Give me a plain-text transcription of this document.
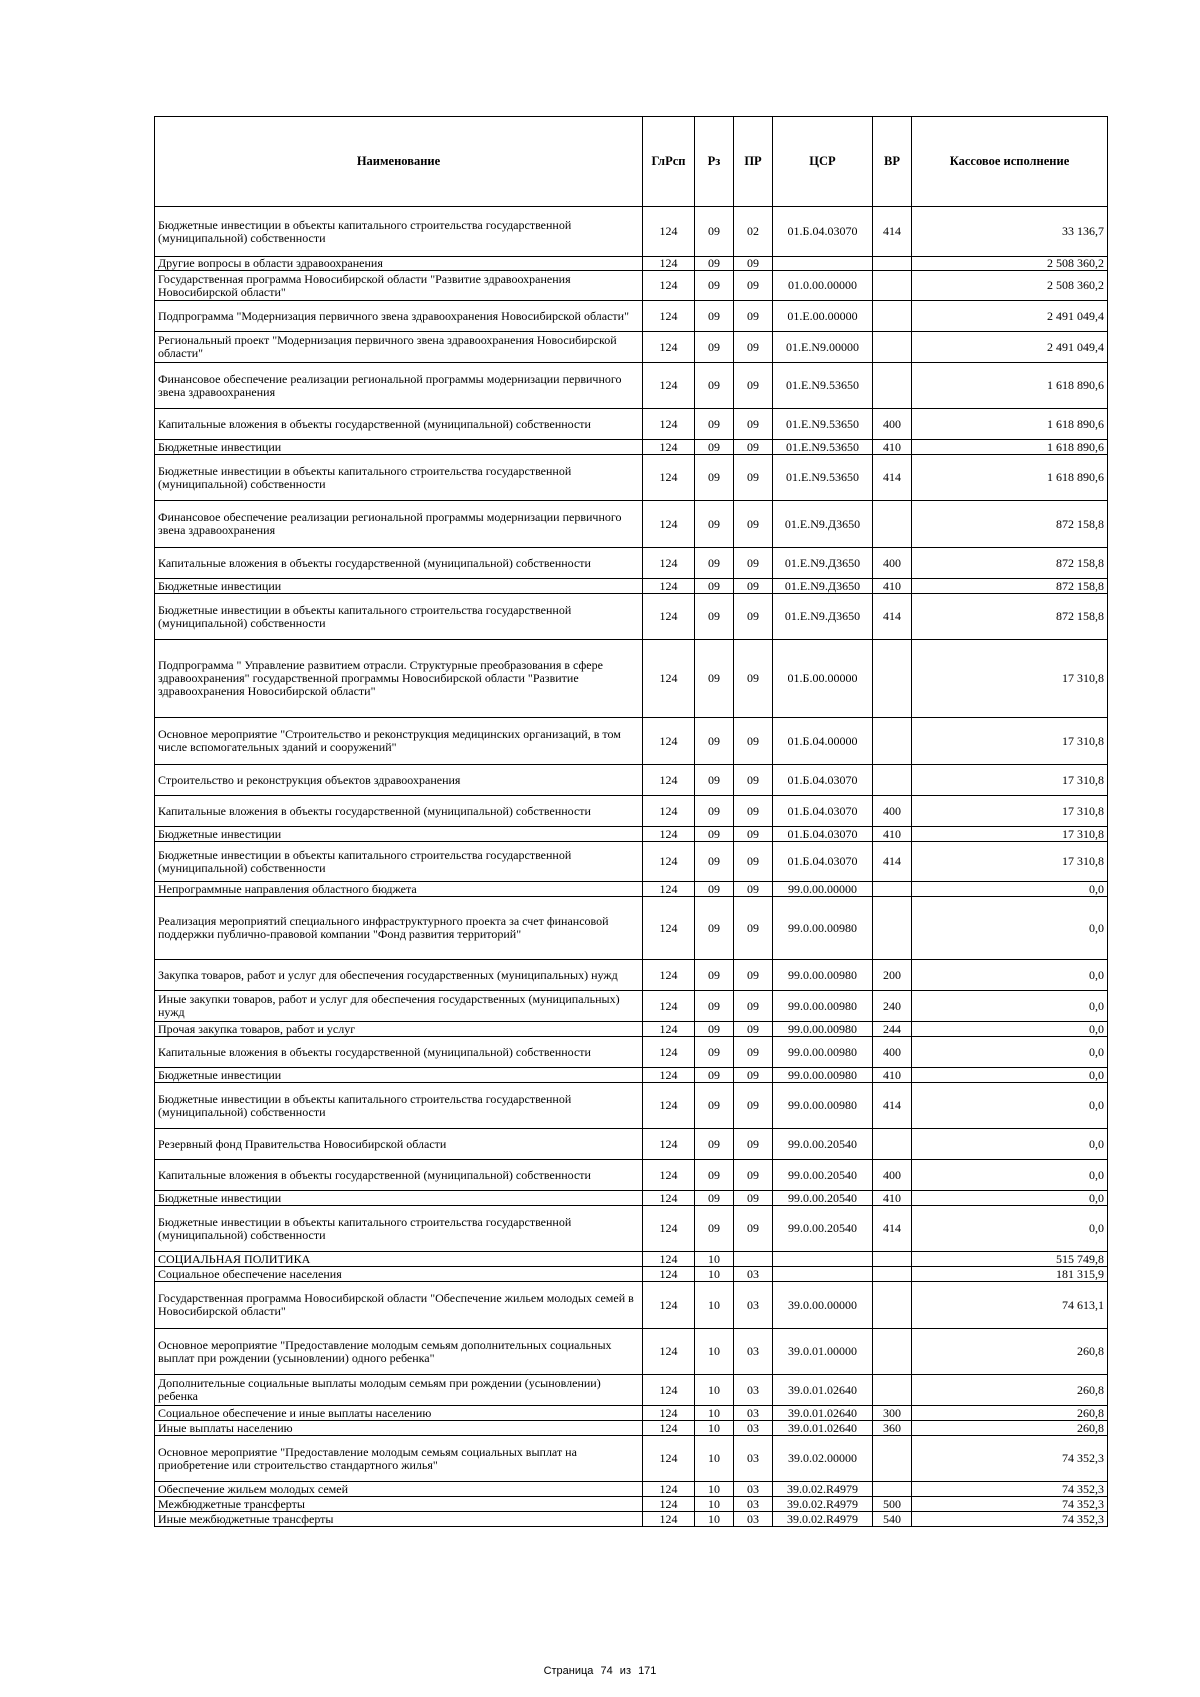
Наименование	ГлРсп	Рз	ПР	ЦСР	ВР	Кассовое исполнение
Бюджетные инвестиции в объекты капитального строительства государственной (муниципальной) собственности	124	09	02	01.Б.04.03070	414	33 136,7
Другие вопросы в области здравоохранения	124	09	09			2 508 360,2
Государственная программа Новосибирской области "Развитие здравоохранения Новосибирской области"	124	09	09	01.0.00.00000		2 508 360,2
Подпрограмма "Модернизация первичного звена здравоохранения Новосибирской области"	124	09	09	01.Е.00.00000		2 491 049,4
Региональный проект "Модернизация первичного звена здравоохранения Новосибирской области"	124	09	09	01.Е.N9.00000		2 491 049,4
Финансовое обеспечение реализации региональной программы модернизации первичного звена здравоохранения	124	09	09	01.Е.N9.53650		1 618 890,6
Капитальные вложения в объекты государственной (муниципальной) собственности	124	09	09	01.Е.N9.53650	400	1 618 890,6
Бюджетные инвестиции	124	09	09	01.Е.N9.53650	410	1 618 890,6
Бюджетные инвестиции в объекты капитального строительства государственной (муниципальной) собственности	124	09	09	01.Е.N9.53650	414	1 618 890,6
Финансовое обеспечение реализации региональной программы модернизации первичного звена здравоохранения	124	09	09	01.Е.N9.Д3650		872 158,8
Капитальные вложения в объекты государственной (муниципальной) собственности	124	09	09	01.Е.N9.Д3650	400	872 158,8
Бюджетные инвестиции	124	09	09	01.Е.N9.Д3650	410	872 158,8
Бюджетные инвестиции в объекты капитального строительства государственной (муниципальной) собственности	124	09	09	01.Е.N9.Д3650	414	872 158,8
Подпрограмма " Управление развитием отрасли. Структурные преобразования в сфере здравоохранения" государственной программы Новосибирской области "Развитие здравоохранения Новосибирской области"	124	09	09	01.Б.00.00000		17 310,8
Основное мероприятие "Строительство и реконструкция медицинских организаций, в том числе вспомогательных зданий и сооружений"	124	09	09	01.Б.04.00000		17 310,8
Строительство и реконструкция объектов здравоохранения	124	09	09	01.Б.04.03070		17 310,8
Капитальные вложения в объекты государственной (муниципальной) собственности	124	09	09	01.Б.04.03070	400	17 310,8
Бюджетные инвестиции	124	09	09	01.Б.04.03070	410	17 310,8
Бюджетные инвестиции в объекты капитального строительства государственной (муниципальной) собственности	124	09	09	01.Б.04.03070	414	17 310,8
Непрограммные направления областного бюджета	124	09	09	99.0.00.00000		0,0
Реализация мероприятий специального инфраструктурного проекта за счет финансовой поддержки публично-правовой компании "Фонд развития территорий"	124	09	09	99.0.00.00980		0,0
Закупка товаров, работ и услуг для обеспечения государственных (муниципальных) нужд	124	09	09	99.0.00.00980	200	0,0
Иные закупки товаров, работ и услуг для обеспечения государственных (муниципальных) нужд	124	09	09	99.0.00.00980	240	0,0
Прочая закупка товаров, работ и услуг	124	09	09	99.0.00.00980	244	0,0
Капитальные вложения в объекты государственной (муниципальной) собственности	124	09	09	99.0.00.00980	400	0,0
Бюджетные инвестиции	124	09	09	99.0.00.00980	410	0,0
Бюджетные инвестиции в объекты капитального строительства государственной (муниципальной) собственности	124	09	09	99.0.00.00980	414	0,0
Резервный фонд Правительства Новосибирской области	124	09	09	99.0.00.20540		0,0
Капитальные вложения в объекты государственной (муниципальной) собственности	124	09	09	99.0.00.20540	400	0,0
Бюджетные инвестиции	124	09	09	99.0.00.20540	410	0,0
Бюджетные инвестиции в объекты капитального строительства государственной (муниципальной) собственности	124	09	09	99.0.00.20540	414	0,0
СОЦИАЛЬНАЯ ПОЛИТИКА	124	10				515 749,8
Социальное обеспечение населения	124	10	03			181 315,9
Государственная программа Новосибирской области "Обеспечение жильем молодых семей в Новосибирской области"	124	10	03	39.0.00.00000		74 613,1
Основное мероприятие "Предоставление молодым семьям дополнительных социальных выплат при рождении (усыновлении) одного ребенка"	124	10	03	39.0.01.00000		260,8
Дополнительные социальные выплаты молодым семьям при рождении (усыновлении) ребенка	124	10	03	39.0.01.02640		260,8
Социальное обеспечение и иные выплаты населению	124	10	03	39.0.01.02640	300	260,8
Иные выплаты населению	124	10	03	39.0.01.02640	360	260,8
Основное мероприятие "Предоставление молодым семьям социальных выплат на приобретение или строительство стандартного жилья"	124	10	03	39.0.02.00000		74 352,3
Обеспечение жильем молодых семей	124	10	03	39.0.02.R4979		74 352,3
Межбюджетные трансферты	124	10	03	39.0.02.R4979	500	74 352,3
Иные межбюджетные трансферты	124	10	03	39.0.02.R4979	540	74 352,3
Страница 74 из 171
